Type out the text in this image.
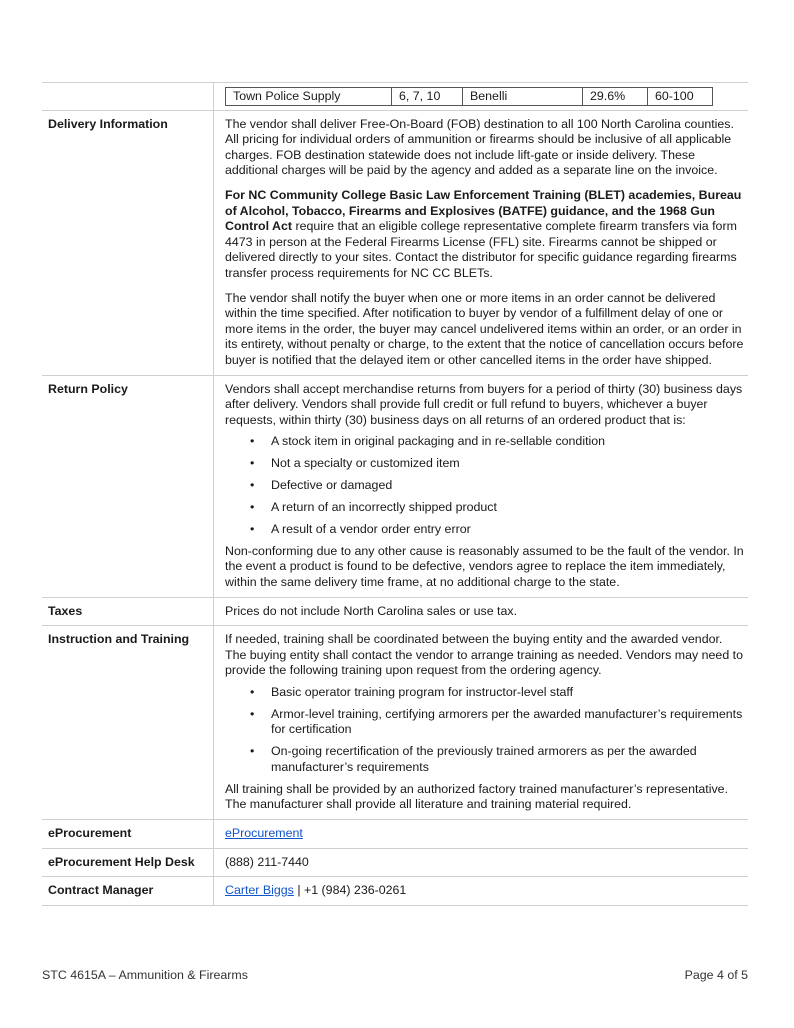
Town Police Supply	6, 7, 10	Benelli	29.6%	60-100

Delivery Information	The vendor shall deliver Free-On-Board (FOB) destination to all 100 North Carolina counties. All pricing for individual orders of ammunition or firearms should be inclusive of all applicable charges. FOB destination statewide does not include lift-gate or inside delivery. These additional charges will be paid by the agency and added as a separate line on the invoice.

For NC Community College Basic Law Enforcement Training (BLET) academies, Bureau of Alcohol, Tobacco, Firearms and Explosives (BATFE) guidance, and the 1968 Gun Control Act require that an eligible college representative complete firearm transfers via form 4473 in person at the Federal Firearms License (FFL) site. Firearms cannot be shipped or delivered directly to your sites. Contact the distributor for specific guidance regarding firearms transfer process requirements for NC CC BLETs.

The vendor shall notify the buyer when one or more items in an order cannot be delivered within the time specified. After notification to buyer by vendor of a fulfillment delay of one or more items in the order, the buyer may cancel undelivered items within an order, or an order in its entirety, without penalty or charge, to the extent that the notice of cancellation occurs before buyer is notified that the delayed item or other cancelled items in the order have shipped.

Return Policy	Vendors shall accept merchandise returns from buyers for a period of thirty (30) business days after delivery. Vendors shall provide full credit or full refund to buyers, whichever a buyer requests, within thirty (30) business days on all returns of an ordered product that is:

• A stock item in original packaging and in re-sellable condition
• Not a specialty or customized item
• Defective or damaged
• A return of an incorrectly shipped product
• A result of a vendor order entry error

Non-conforming due to any other cause is reasonably assumed to be the fault of the vendor. In the event a product is found to be defective, vendors agree to replace the item immediately, within the same delivery time frame, at no additional charge to the state.

Taxes	Prices do not include North Carolina sales or use tax.
Instruction and Training	If needed, training shall be coordinated between the buying entity and the awarded vendor. The buying entity shall contact the vendor to arrange training as needed. Vendors may need to provide the following training upon request from the ordering agency.

• Basic operator training program for instructor-level staff
• Armor-level training, certifying armorers per the awarded manufacturer’s requirements for certification
• On-going recertification of the previously trained armorers as per the awarded manufacturer’s requirements

All training shall be provided by an authorized factory trained manufacturer’s representative. The manufacturer shall provide all literature and training material required.

eProcurement	eProcurement
eProcurement Help Desk	(888) 211-7440
Contract Manager	Carter Biggs | +1 (984) 236-0261
STC 4615A – Ammunition & Firearms	Page 4 of 5
